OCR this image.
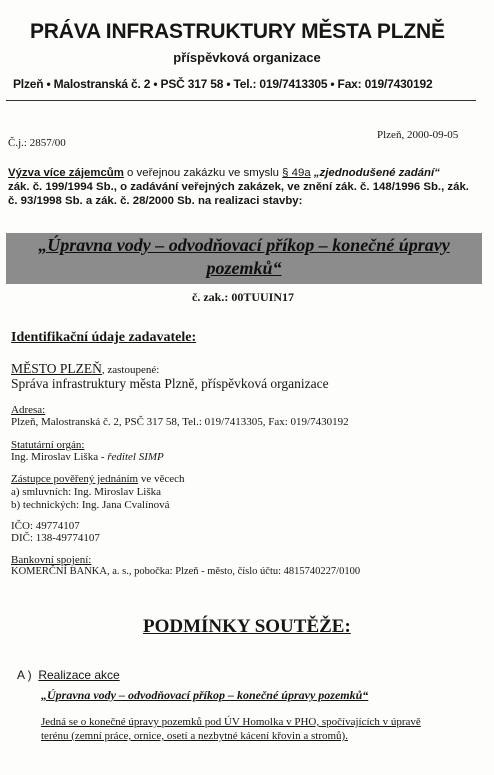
PRÁVA INFRASTRUKTURY MĚSTA PLZNĚ
příspěvková organizace
Plzeň • Malostranská č. 2 • PSČ 317 58 • Tel.: 019/7413305 • Fax: 019/7430192
Č.j.: 2857/00
Plzeň, 2000-09-05
Výzva více zájemcům o veřejnou zakázku ve smyslu § 49a „zjednodušené zadání“
zák. č. 199/1994 Sb., o zadávání veřejných zakázek, ve znění zák. č. 148/1996 Sb., zák.
č. 93/1998 Sb. a zák. č. 28/2000 Sb. na realizaci stavby:
„Úpravna vody – odvodňovací příkop – konečné úpravy
pozemků“
č. zak.: 00TUUIN17
Identifikační údaje zadavatele:
MĚSTO PLZEŇ, zastoupené:
Správa infrastruktury města Plzně, příspěvková organizace
Adresa:
Plzeň, Malostranská č. 2, PSČ 317 58, Tel.: 019/7413305, Fax: 019/7430192
Statutární orgán:
Ing. Miroslav Liška - ředitel SIMP
Zástupce pověřený jednáním ve věcech
a) smluvních: Ing. Miroslav Liška
b) technických: Ing. Jana Cvalínová
IČO: 49774107
DIČ: 138-49774107
Bankovní spojení:
KOMERČNÍ BANKA, a. s., pobočka: Plzeň - město, číslo účtu: 4815740227/0100
PODMÍNKY SOUTĚŽE:
A ) Realizace akce
„Úpravna vody – odvodňovací příkop – konečné úpravy pozemků“
Jedná se o konečné úpravy pozemků pod ÚV Homolka v PHO, spočívajících v úpravě
terénu (zemní práce, ornice, osetí a nezbytné kácení křovin a stromů).
